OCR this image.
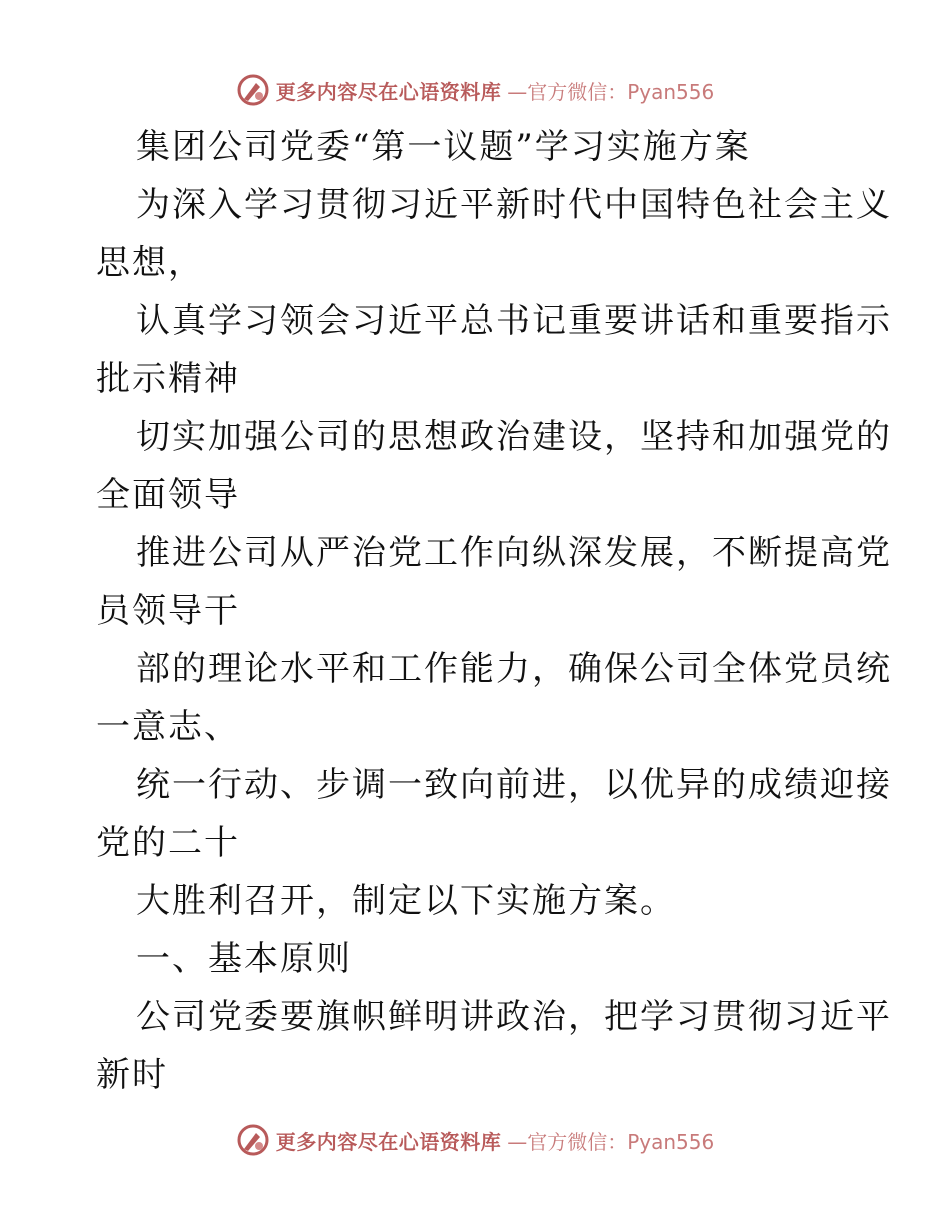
更多内容尽在心语资料库 —官方微信：Pyan556
集团公司党委“第一议题”学习实施方案
为深入学习贯彻习近平新时代中国特色社会主义
思想，
认真学习领会习近平总书记重要讲话和重要指示
批示精神
切实加强公司的思想政治建设，坚持和加强党的
全面领导
推进公司从严治党工作向纵深发展，不断提高党
员领导干
部的理论水平和工作能力，确保公司全体党员统
一意志、
统一行动、步调一致向前进，以优异的成绩迎接
党的二十
大胜利召开，制定以下实施方案。
一、基本原则
公司党委要旗帜鲜明讲政治，把学习贯彻习近平
新时
更多内容尽在心语资料库 —官方微信：Pyan556
